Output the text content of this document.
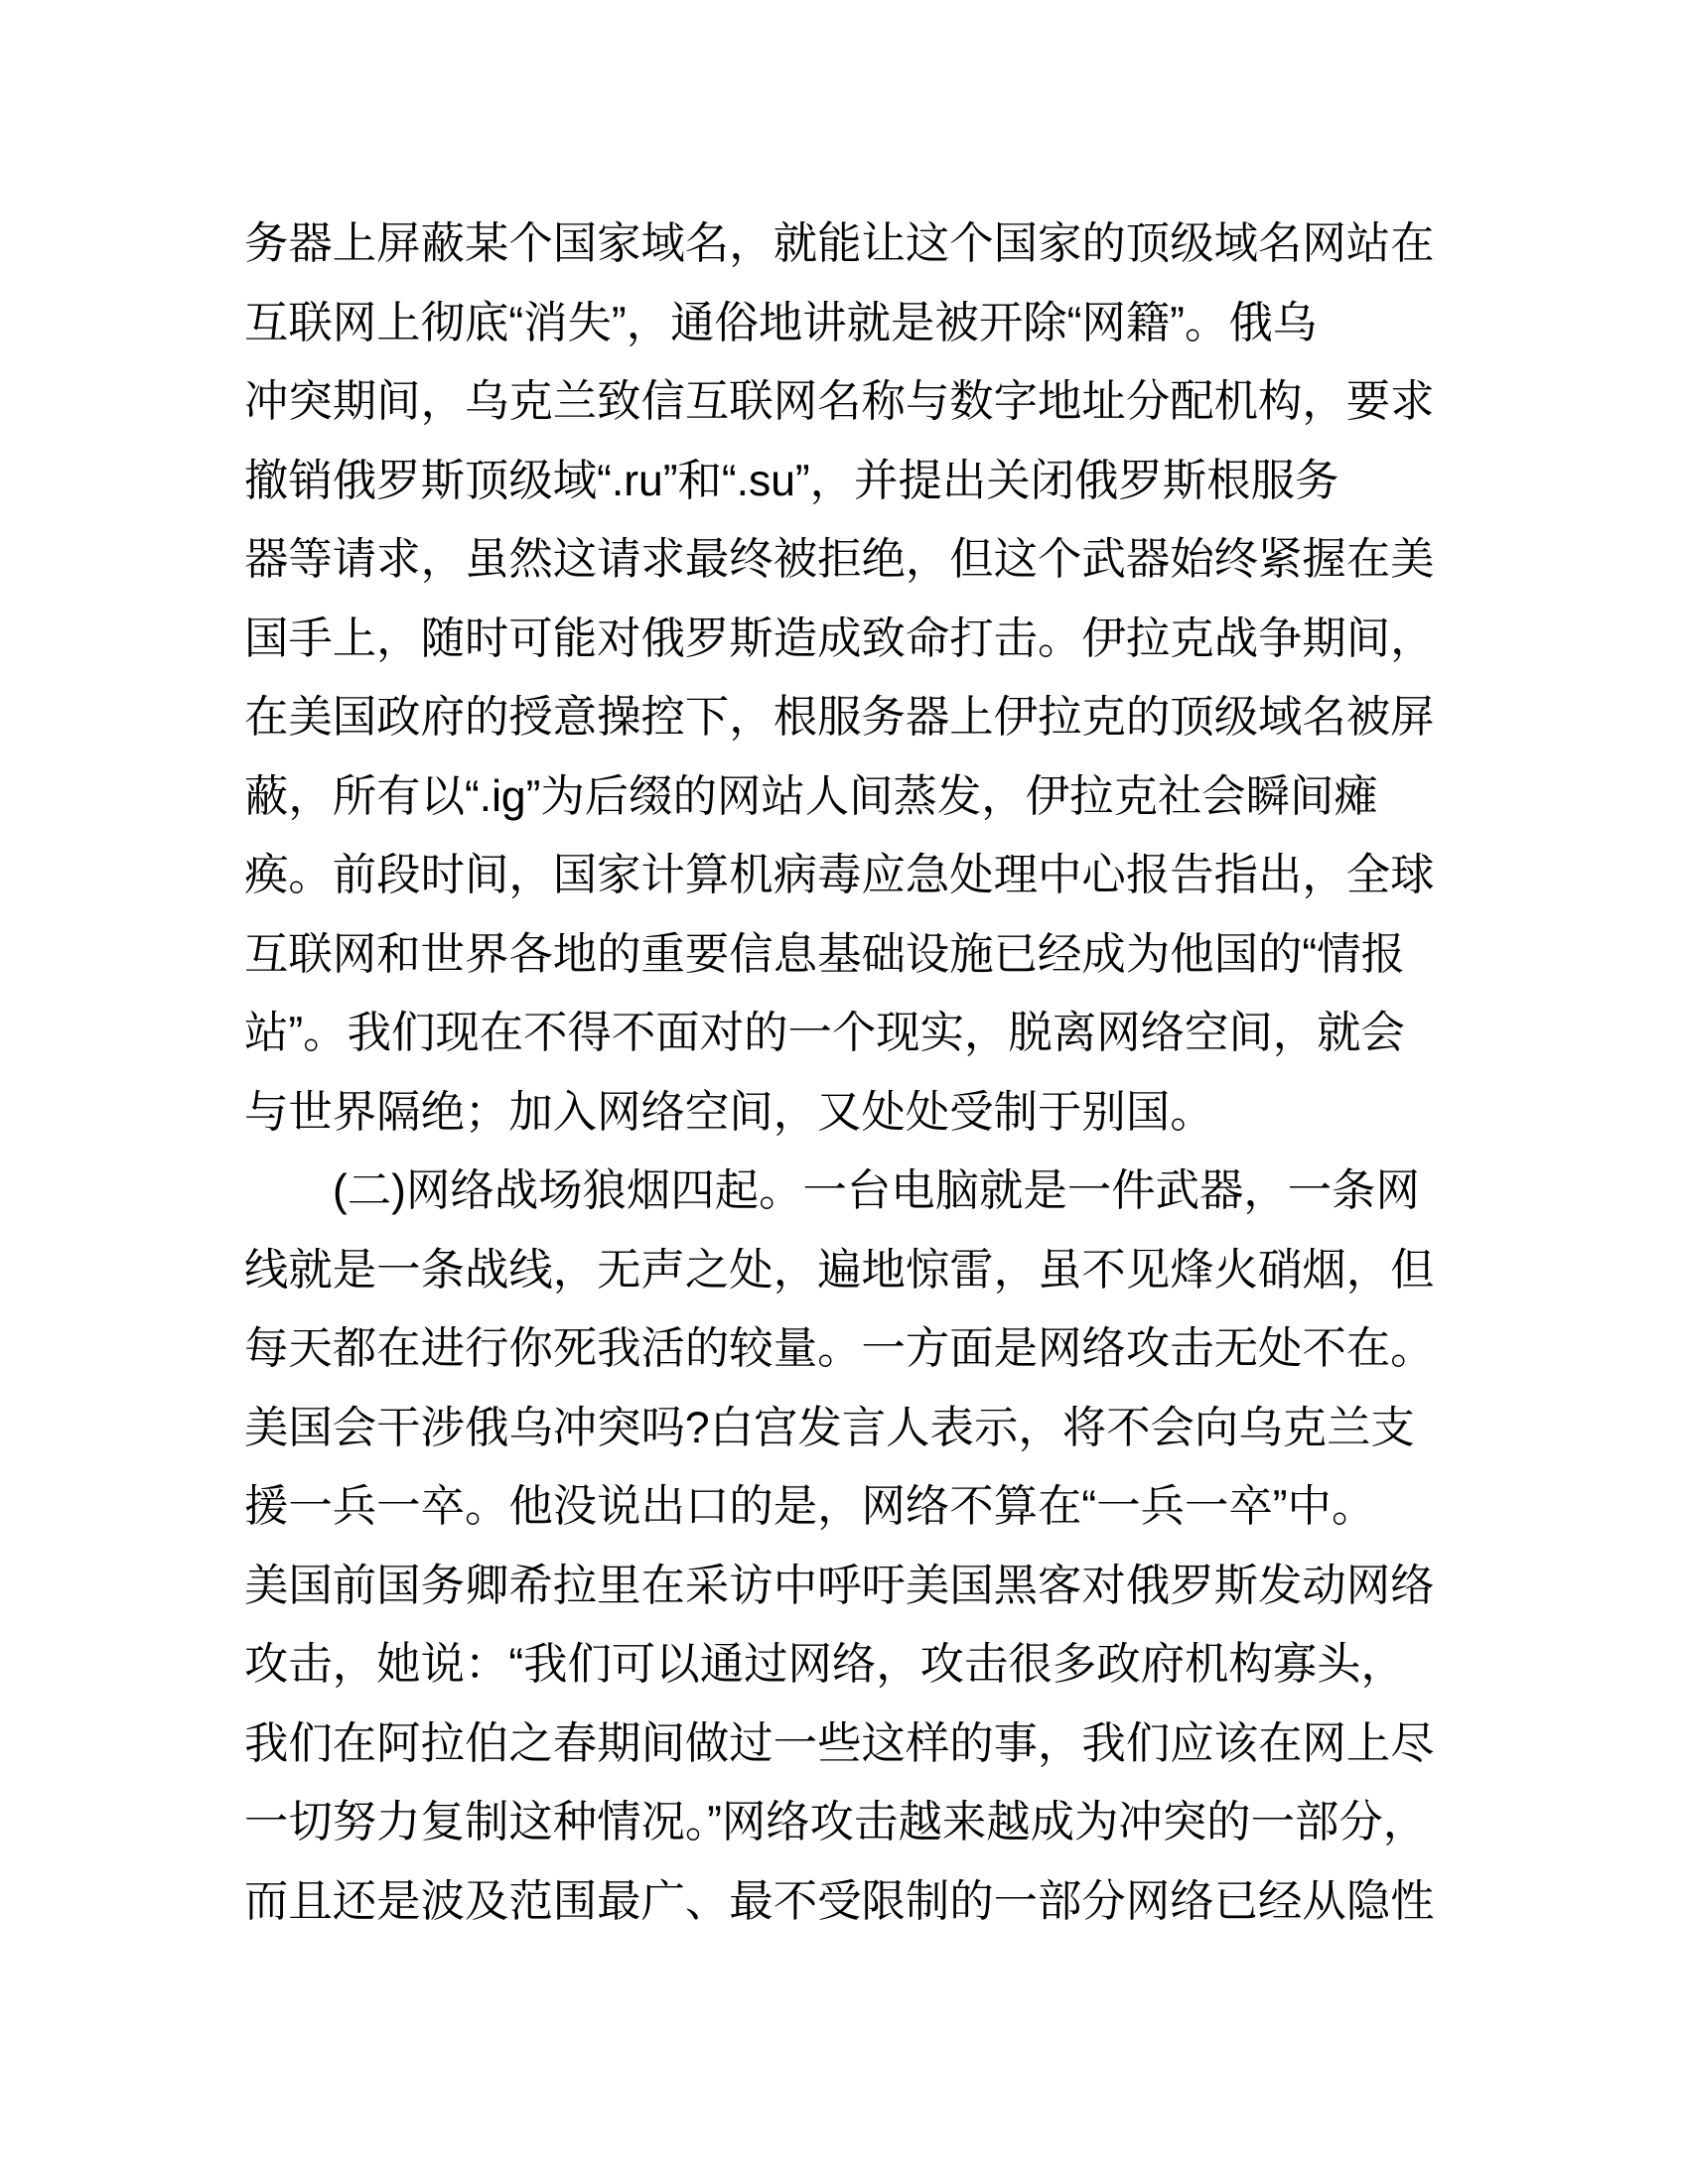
务器上屏蔽某个国家域名，就能让这个国家的顶级域名网站在
互联网上彻底“消失”，通俗地讲就是被开除“网籍”。俄乌
冲突期间，乌克兰致信互联网名称与数字地址分配机构，要求
撤销俄罗斯顶级域“.ru”和“.su”，并提出关闭俄罗斯根服务
器等请求，虽然这请求最终被拒绝，但这个武器始终紧握在美
国手上，随时可能对俄罗斯造成致命打击。伊拉克战争期间，
在美国政府的授意操控下，根服务器上伊拉克的顶级域名被屏
蔽，所有以“.ig”为后缀的网站人间蒸发，伊拉克社会瞬间瘫
痪。前段时间，国家计算机病毒应急处理中心报告指出，全球
互联网和世界各地的重要信息基础设施已经成为他国的“情报
站”。我们现在不得不面对的一个现实，脱离网络空间，就会
与世界隔绝；加入网络空间，又处处受制于别国。
(二)网络战场狼烟四起。一台电脑就是一件武器，一条网
线就是一条战线，无声之处，遍地惊雷，虽不见烽火硝烟，但
每天都在进行你死我活的较量。一方面是网络攻击无处不在。
美国会干涉俄乌冲突吗?白宫发言人表示，将不会向乌克兰支
援一兵一卒。他没说出口的是，网络不算在“一兵一卒”中。
美国前国务卿希拉里在采访中呼吁美国黑客对俄罗斯发动网络
攻击，她说：“我们可以通过网络，攻击很多政府机构寡头，
我们在阿拉伯之春期间做过一些这样的事，我们应该在网上尽
一切努力复制这种情况。”网络攻击越来越成为冲突的一部分，
而且还是波及范围最广、最不受限制的一部分网络已经从隐性
